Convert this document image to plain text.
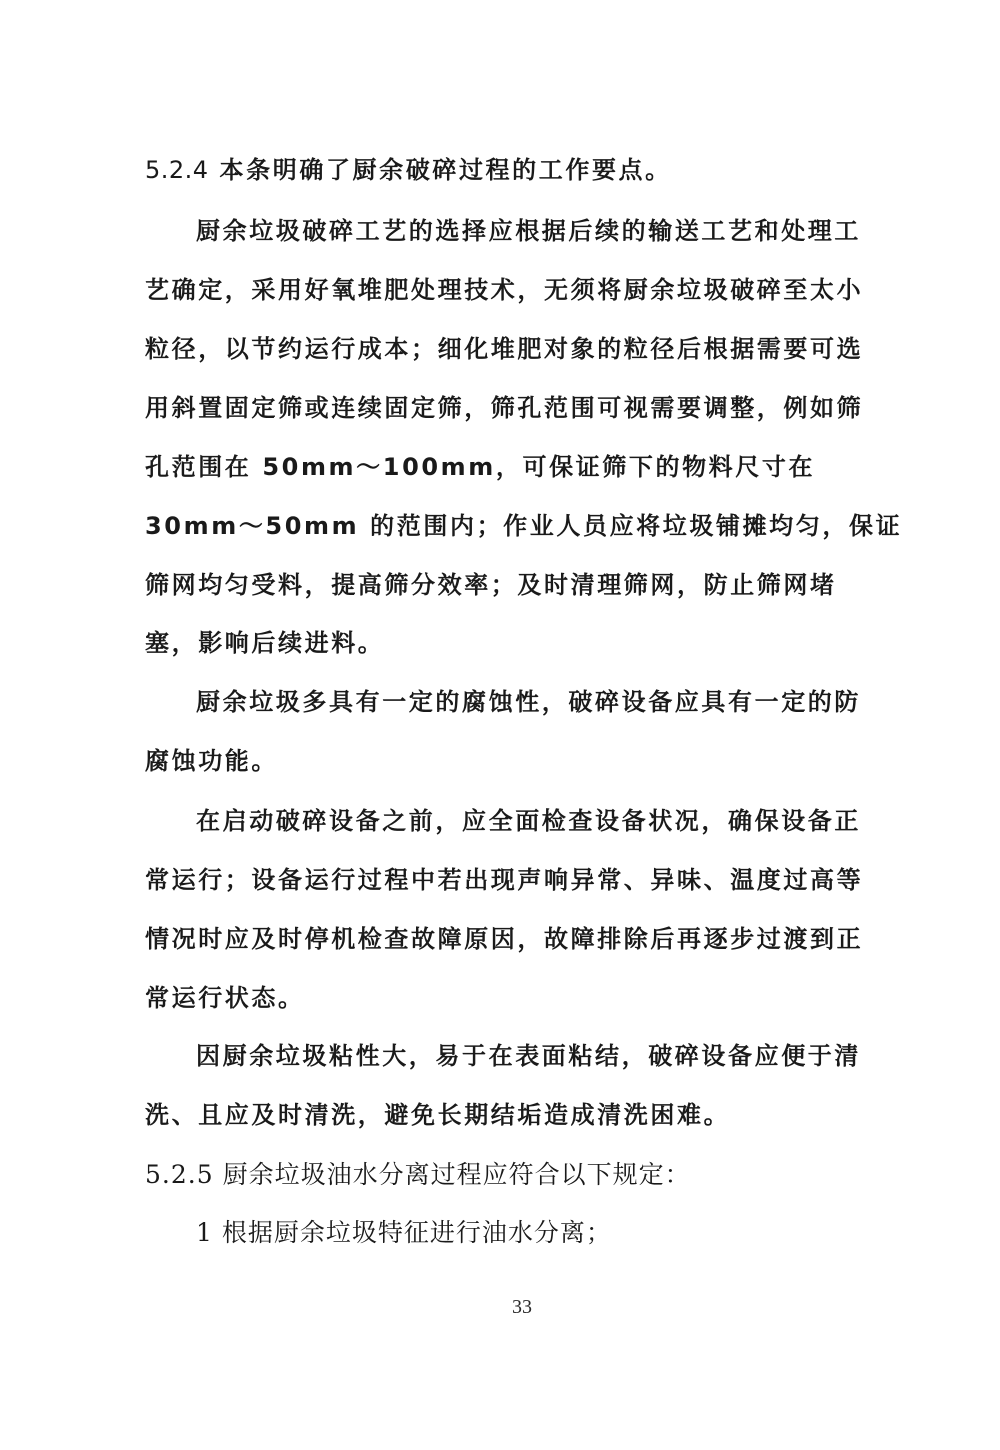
5.2.4 本条明确了厨余破碎过程的工作要点。
厨余垃圾破碎工艺的选择应根据后续的输送工艺和处理工
艺确定，采用好氧堆肥处理技术，无须将厨余垃圾破碎至太小
粒径，以节约运行成本；细化堆肥对象的粒径后根据需要可选
用斜置固定筛或连续固定筛，筛孔范围可视需要调整，例如筛
孔范围在 50mm～100mm，可保证筛下的物料尺寸在
30mm～50mm 的范围内；作业人员应将垃圾铺摊均匀，保证
筛网均匀受料，提高筛分效率；及时清理筛网，防止筛网堵
塞，影响后续进料。
厨余垃圾多具有一定的腐蚀性，破碎设备应具有一定的防
腐蚀功能。
在启动破碎设备之前，应全面检查设备状况，确保设备正
常运行；设备运行过程中若出现声响异常、异味、温度过高等
情况时应及时停机检查故障原因，故障排除后再逐步过渡到正
常运行状态。
因厨余垃圾粘性大，易于在表面粘结，破碎设备应便于清
洗、且应及时清洗，避免长期结垢造成清洗困难。
5.2.5 厨余垃圾油水分离过程应符合以下规定：
1 根据厨余垃圾特征进行油水分离；
33
